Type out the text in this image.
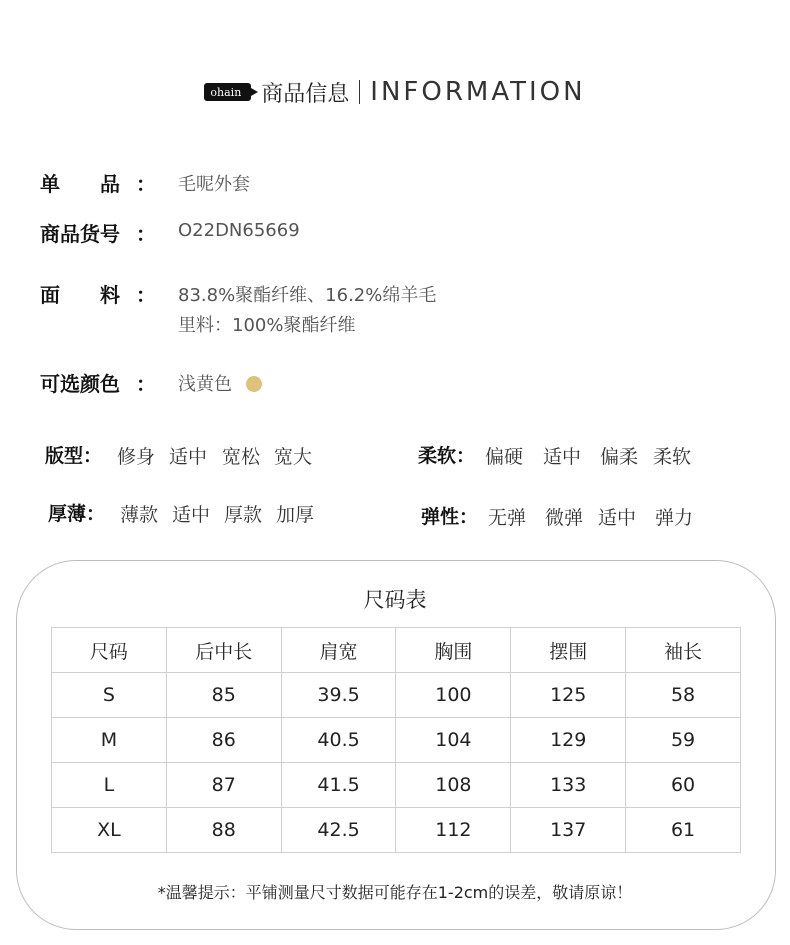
ohain 商品信息 INFORMATION
单　　品 ： 毛呢外套
商品货号 ： O22DN65669
面　　料 ： 83.8%聚酯纤维、16.2%绵羊毛
里料：100%聚酯纤维
可选颜色 ： 浅黄色
版型： 修身 适中 宽松 宽大	柔软： 偏硬 适中 偏柔 柔软
厚薄： 薄款 适中 厚款 加厚	弹性： 无弹 微弹 适中 弹力
尺码表
尺码	后中长	肩宽	胸围	摆围	袖长
S	85	39.5	100	125	58
M	86	40.5	104	129	59
L	87	41.5	108	133	60
XL	88	42.5	112	137	61
*温馨提示：平铺测量尺寸数据可能存在1-2cm的误差，敬请原谅！
